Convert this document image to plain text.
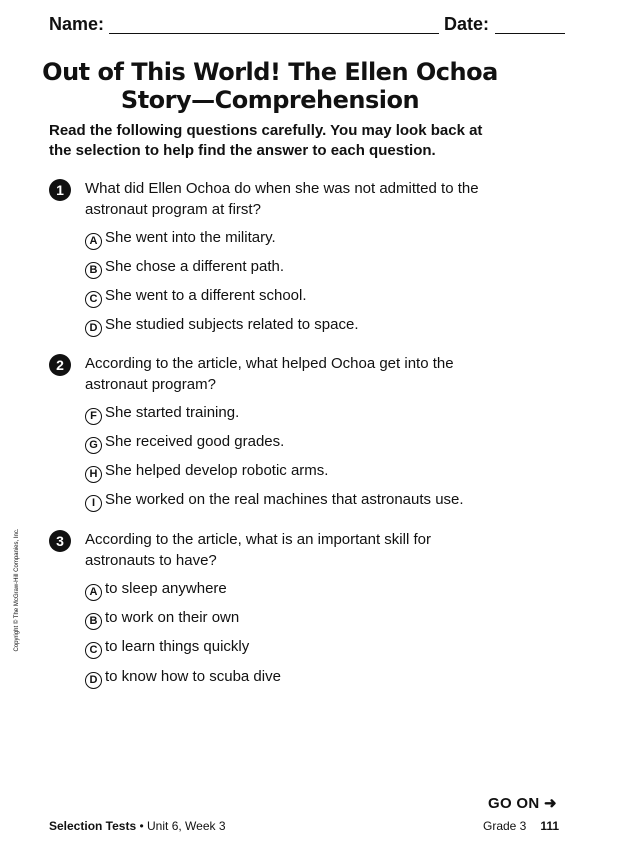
Name:	Date:
Out of This World! The Ellen Ochoa Story—Comprehension
Read the following questions carefully. You may look back at the selection to help find the answer to each question.
1	What did Ellen Ochoa do when she was not admitted to the astronaut program at first?
A She went into the military.
B She chose a different path.
C She went to a different school.
D She studied subjects related to space.
2	According to the article, what helped Ochoa get into the astronaut program?
F She started training.
G She received good grades.
H She helped develop robotic arms.
I She worked on the real machines that astronauts use.
3	According to the article, what is an important skill for astronauts to have?
A to sleep anywhere
B to work on their own
C to learn things quickly
D to know how to scuba dive
Copyright © The McGraw-Hill Companies, Inc.
GO ON ➜
Selection Tests • Unit 6, Week 3	Grade 3 111
